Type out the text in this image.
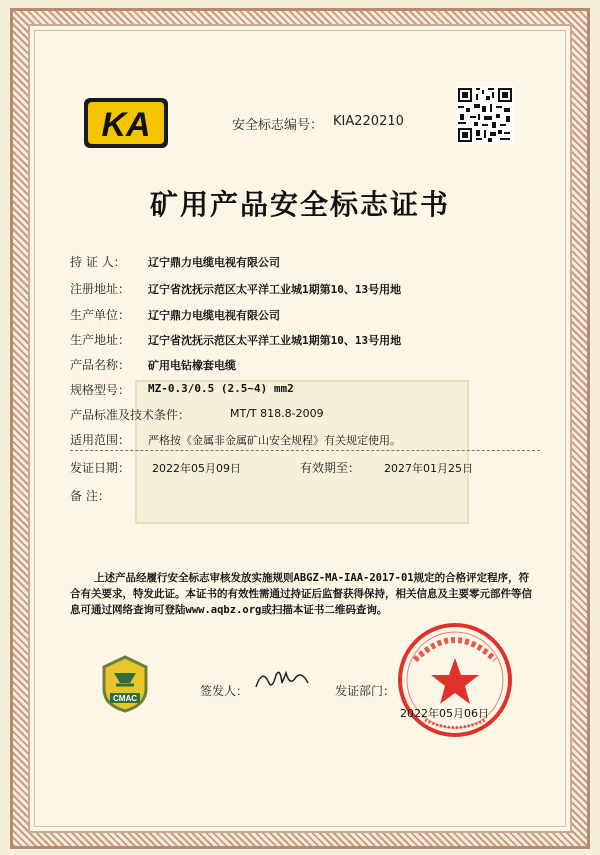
KA	安全标志编号： KIA220210
矿用产品安全标志证书
持 证 人： 辽宁鼎力电缆电视有限公司
注册地址： 辽宁省沈抚示范区太平洋工业城1期第10、13号用地
生产单位： 辽宁鼎力电缆电视有限公司
生产地址： 辽宁省沈抚示范区太平洋工业城1期第10、13号用地
产品名称： 矿用电钻橡套电缆
规格型号： MZ-0.3/0.5 (2.5~4) mm2
产品标准及技术条件：	MT/T 818.8-2009
适用范围： 严格按《金属非金属矿山安全规程》有关规定使用。
发证日期： 2022年05月09日	有效期至： 2027年01月25日
备 注：
上述产品经履行安全标志审核发放实施规则ABGZ-MA-IAA-2017-01规定的合格评定程序，符合有关要求，特发此证。本证书的有效性需通过持证后监督获得保持，相关信息及主要零元部件等信息可通过网络查询可登陆www.aqbz.org或扫描本证书二维码查询。
CMAC
签发人：	发证部门：
2022年05月06日
